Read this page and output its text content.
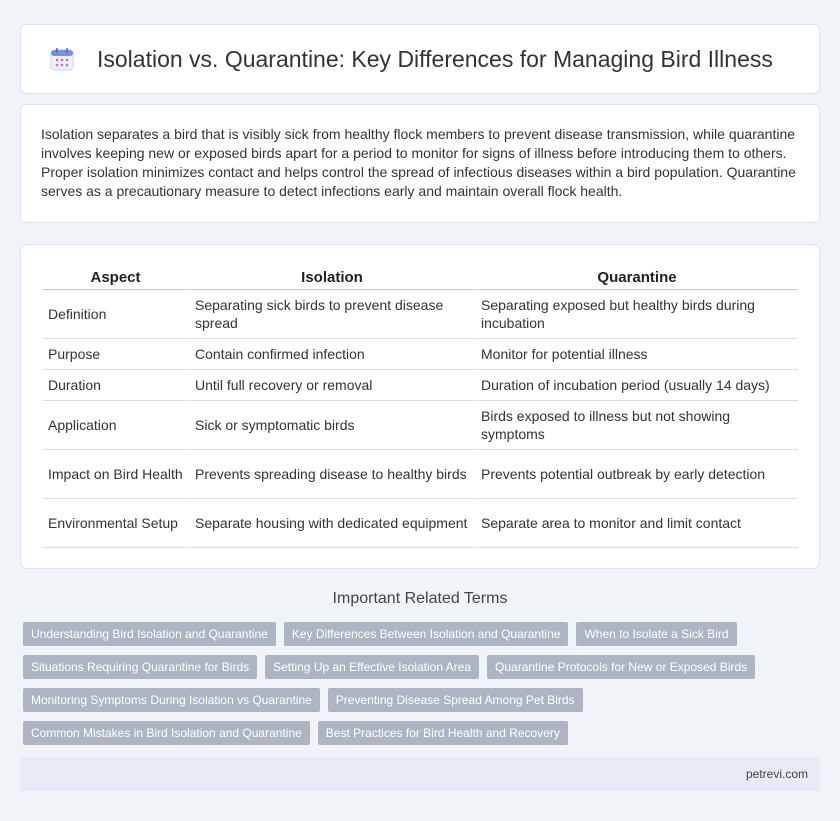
Isolation vs. Quarantine: Key Differences for Managing Bird Illness

Isolation separates a bird that is visibly sick from healthy flock members to prevent disease transmission, while quarantine involves keeping new or exposed birds apart for a period to monitor for signs of illness before introducing them to others. Proper isolation minimizes contact and helps control the spread of infectious diseases within a bird population. Quarantine serves as a precautionary measure to detect infections early and maintain overall flock health.

Aspect	Isolation	Quarantine
Definition	Separating sick birds to prevent disease spread	Separating exposed but healthy birds during incubation
Purpose	Contain confirmed infection	Monitor for potential illness
Duration	Until full recovery or removal	Duration of incubation period (usually 14 days)
Application	Sick or symptomatic birds	Birds exposed to illness but not showing symptoms
Impact on Bird Health	Prevents spreading disease to healthy birds	Prevents potential outbreak by early detection
Environmental Setup	Separate housing with dedicated equipment	Separate area to monitor and limit contact
Important Related Terms
Understanding Bird Isolation and Quarantine	Key Differences Between Isolation and Quarantine	When to Isolate a Sick Bird
Situations Requiring Quarantine for Birds	Setting Up an Effective Isolation Area	Quarantine Protocols for New or Exposed Birds
Monitoring Symptoms During Isolation vs Quarantine	Preventing Disease Spread Among Pet Birds
Common Mistakes in Bird Isolation and Quarantine	Best Practices for Bird Health and Recovery
petrevi.com
